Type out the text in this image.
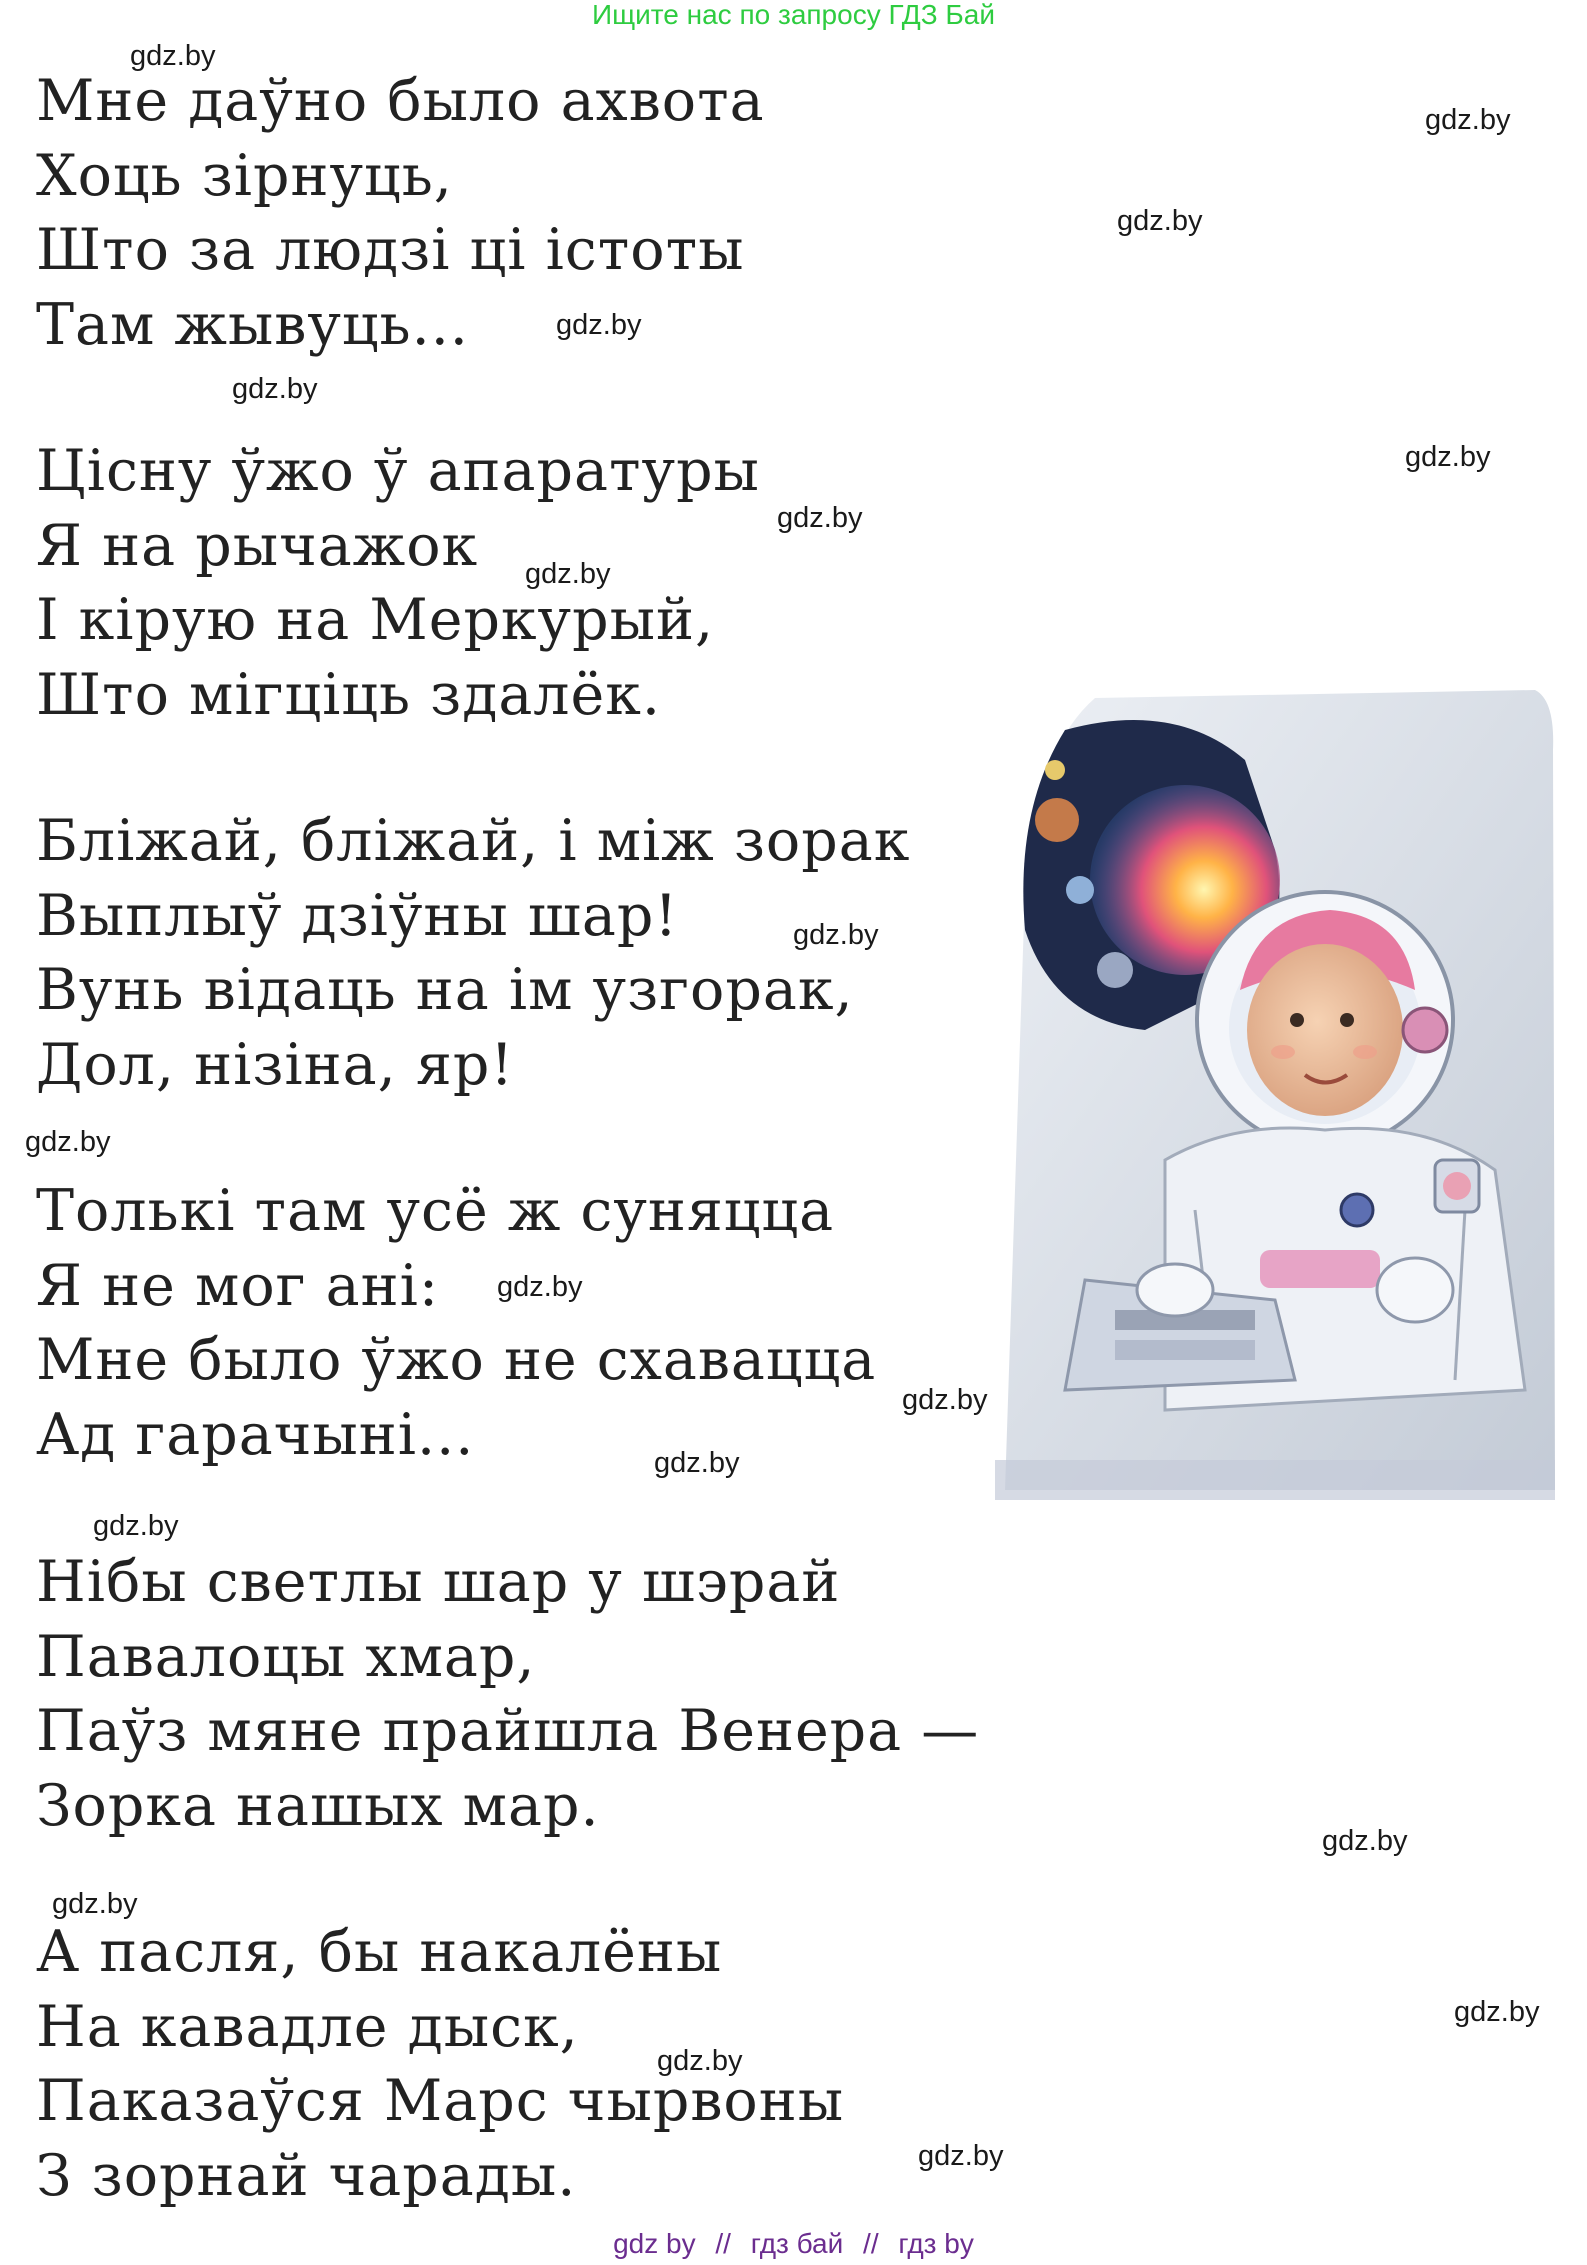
Ищите нас по запросу ГДЗ Бай
Мне даўно было ахвота
Хоць зірнуць,
Што за людзі ці істоты
Там жывуць...
Цісну ўжо ў апаратуры
Я на рычажок
І кірую на Меркурый,
Што мігціць здалёк.
Бліжай, бліжай, і між зорак
Выплыў дзіўны шар!
Вунь відаць на ім узгорак,
Дол, нізіна, яр!
Толькі там усё ж суняцца
Я не мог ані:
Мне было ўжо не схавацца
Ад гарачыні...
Нібы светлы шар у шэрай
Павалоцы хмар,
Паўз мяне прайшла Венера —
Зорка нашых мар.
А пасля, бы накалёны
На кавадле дыск,
Паказаўся Марс чырвоны
З зорнай чарады.
gdz.by
gdz.by
gdz.by
gdz.by
gdz.by
gdz.by
gdz.by
gdz.by
gdz.by
gdz.by
gdz.by
gdz.by
gdz.by
gdz.by
gdz.by
gdz.by
gdz.by
gdz.by
gdz.by
gdz by // гдз бай // гдз by
